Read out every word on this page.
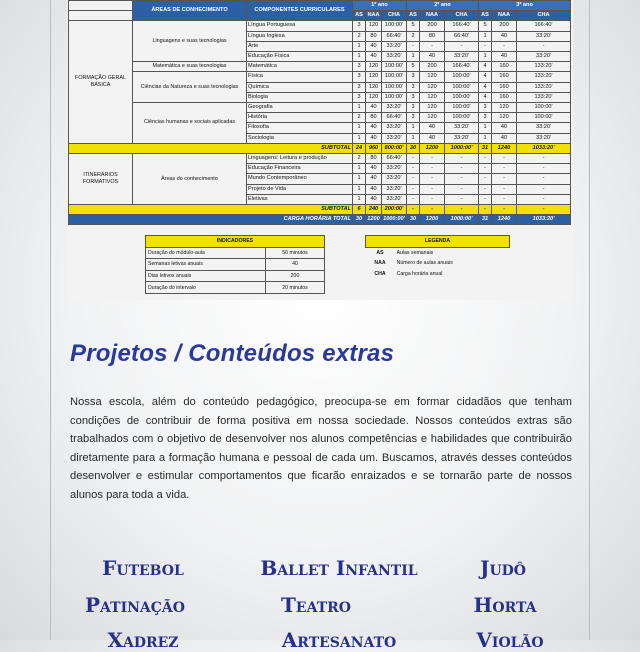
	ÁREAS DE CONHECIMENTO	COMPONENTES CURRICULARES	1º ano			2º ano			3º ano		
			AS	NAA	CHA	AS	NAA	CHA	AS	NAA	CHA
FORMAÇÃO GERAL BÁSICA	Linguagens e suas tecnologias	Língua Portuguesa	3	120	100:00'	5	200	166:40'	5	200	166:40'
		Língua Inglesa	2	80	66:40'	2	80	66:40'	1	40	33:20'
		Arte	1	40	33:20'	-	-	-	-	-	-
		Educação Física	1	40	33:20'	1	40	33:20'	1	40	33:20'
	Matemática e suas tecnologias	Matemática	3	120	100:00'	5	200	166:40'	4	160	133:20'
	Ciências da Natureza e suas tecnologias	Física	3	120	100:00'	3	120	100:00'	4	160	133:20'
		Química	3	120	100:00'	3	120	100:00'	4	160	133:20'
		Biologia	3	120	100:00'	3	120	100:00'	4	160	133:20'
	Ciências humanas e sociais aplicadas	Geografia	1	40	33:20'	3	120	100:00'	3	120	100:00'
		História	2	80	66:40'	3	120	100:00'	3	120	100:00'
		Filosofia	1	40	33:20'	1	40	33:20'	1	40	33:20'
		Sociologia	1	40	33:20'	1	40	33:20'	1	40	33:20'
SUBTOTAL			24	960	800:00'	30	1200	1000:00'	31	1240	1033:20'
ITINERÁRIOS FORMATIVOS	Áreas do conhecimento	Linguagens: Leitura e produção	2	80	66:40'	-	-	-	-	-	-
		Educação Financeira	1	40	33:20'	-	-	-	-	-	-
		Mundo Contemporâneo	1	40	33:20'	-	-	-	-	-	-
		Projeto de Vida	1	40	33:20'	-	-	-	-	-	-
		Eletivas	1	40	33:20'	-	-	-	-	-	-
SUBTOTAL			6	240	200:00'	-	-	-	-	-	-
CARGA HORÁRIA TOTAL			30	1200	1000:00'	30	1200	1000:00'	31	1240	1033:20'
INDICADORES	
Duração do módulo-aula	50 minutos
Semanas letivas anuais	40
Dias letivos anuais	200
Duração do intervalo	20 minutos
LEGENDA	
AS	Aulas semanais
NAA	Número de aulas anuais
CHA	Carga horária anual
Projetos / Conteúdos extras

Nossa escola, além do conteúdo pedagógico, preocupa-se em formar cidadãos que tenham condições de contribuir de forma positiva em nossa sociedade. Nossos conteúdos extras são trabalhados com o objetivo de desenvolver nos alunos competências e habilidades que contribuirão diretamente para a formação humana e pessoal de cada um. Buscamos, através desses conteúdos desenvolver e estimular comportamentos que ficarão enraizados e se tornarão parte de nossos alunos para toda a vida.

Futebol	Ballet Infantil	Judô
Patinação	Teatro	Horta
Xadrez	Artesanato	Violão
